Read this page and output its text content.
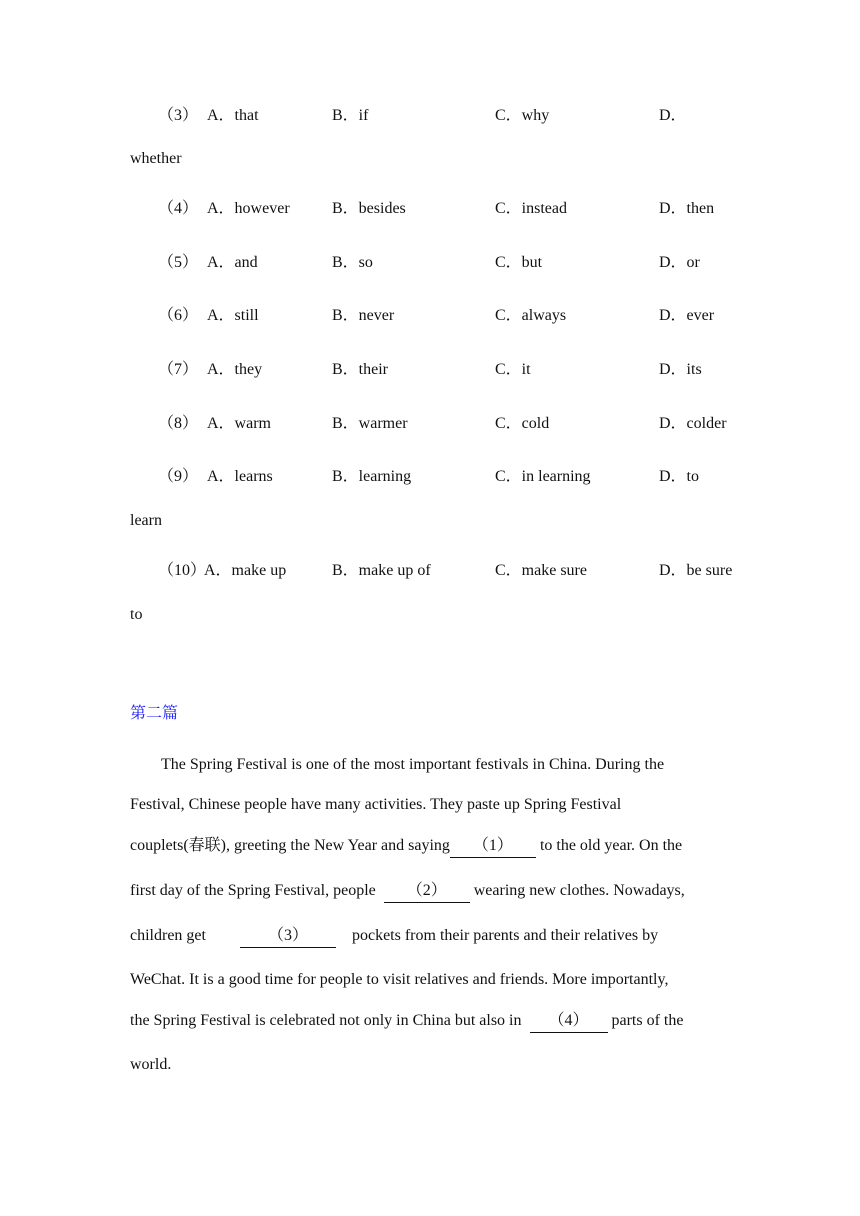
（3） A．that	B．if	C．why	D．
whether
（4） A．however	B．besides	C．instead	D．then
（5） A．and	B．so	C．but	D．or
（6） A．still	B．never	C．always	D．ever
（7） A．they	B．their	C．it	D．its
（8） A．warm	B．warmer	C．cold	D．colder
（9） A．learns	B．learning	C．in learning	D．to
learn
（10）
A．make up	B．make up of	C．make sure	D．be sure
to
第二篇
The Spring Festival is one of the most important festivals in China. During the
Festival, Chinese people have many activities. They paste up Spring Festival
couplets(春联), greeting the New Year and saying （1） to the old year. On the
first day of the Spring Festival, people （2） wearing new clothes. Nowadays,
children get	（3）	pockets from their parents and their relatives by
WeChat. It is a good time for people to visit relatives and friends. More importantly,
the Spring Festival is celebrated not only in China but also in （4） parts of the
world.
